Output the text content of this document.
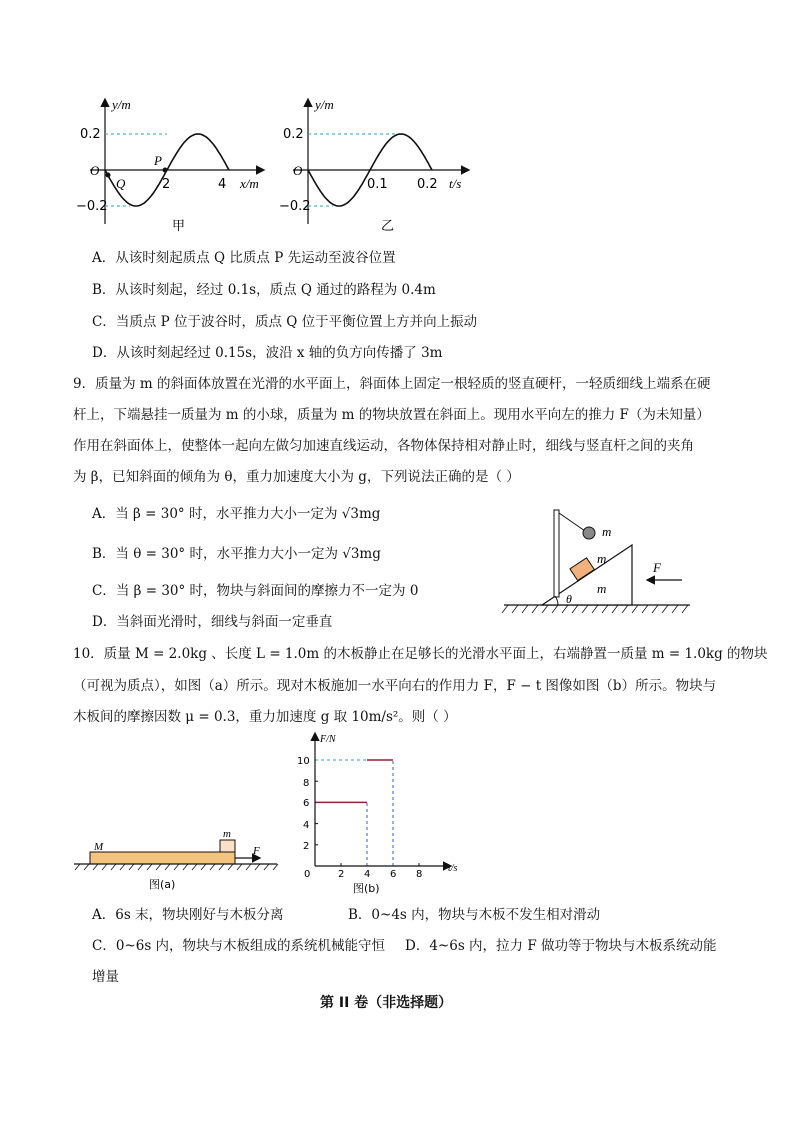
y/m
0.2
−0.2
O
2	4 x/m
P
Q
甲
y/m
0.2
−0.2
O
0.1 0.2 t/s
乙
A．从该时刻起质点 Q 比质点 P 先运动至波谷位置
B．从该时刻起，经过 0.1s，质点 Q 通过的路程为 0.4m
C．当质点 P 位于波谷时，质点 Q 位于平衡位置上方并向上振动
D．从该时刻起经过 0.15s，波沿 x 轴的负方向传播了 3m
9．质量为 m 的斜面体放置在光滑的水平面上，斜面体上固定一根轻质的竖直硬杆，一轻质细线上端系在硬
杆上，下端悬挂一质量为 m 的小球，质量为 m 的物块放置在斜面上。现用水平向左的推力 F（为未知量）
作用在斜面体上，使整体一起向左做匀加速直线运动，各物体保持相对静止时，细线与竖直杆之间的夹角
为 β，已知斜面的倾角为 θ，重力加速度大小为 g，下列说法正确的是（ ）
A．当 β = 30° 时，水平推力大小一定为 √3mg
B．当 θ = 30° 时，水平推力大小一定为 √3mg
C．当 β = 30° 时，物块与斜面间的摩擦力不一定为 0
D．当斜面光滑时，细线与斜面一定垂直
m
m
m
F
θ
10．质量 M = 2.0kg 、长度 L = 1.0m 的木板静止在足够长的光滑水平面上，右端静置一质量 m = 1.0kg 的物块
（可视为质点），如图（a）所示。现对木板施加一水平向右的作用力 F，F − t 图像如图（b）所示。物块与
木板间的摩擦因数 μ = 0.3，重力加速度 g 取 10m/s²。则（ ）
M
m
F
图(a)
F/N
t/s
0
10
8
6
4
2
2 4 6 8
图(b)
A．6s 末，物块刚好与木板分离	B．0~4s 内，物块与木板不发生相对滑动
C．0~6s 内，物块与木板组成的系统机械能守恒 D．4~6s 内，拉力 F 做功等于物块与木板系统动能
增量
第 II 卷（非选择题）
